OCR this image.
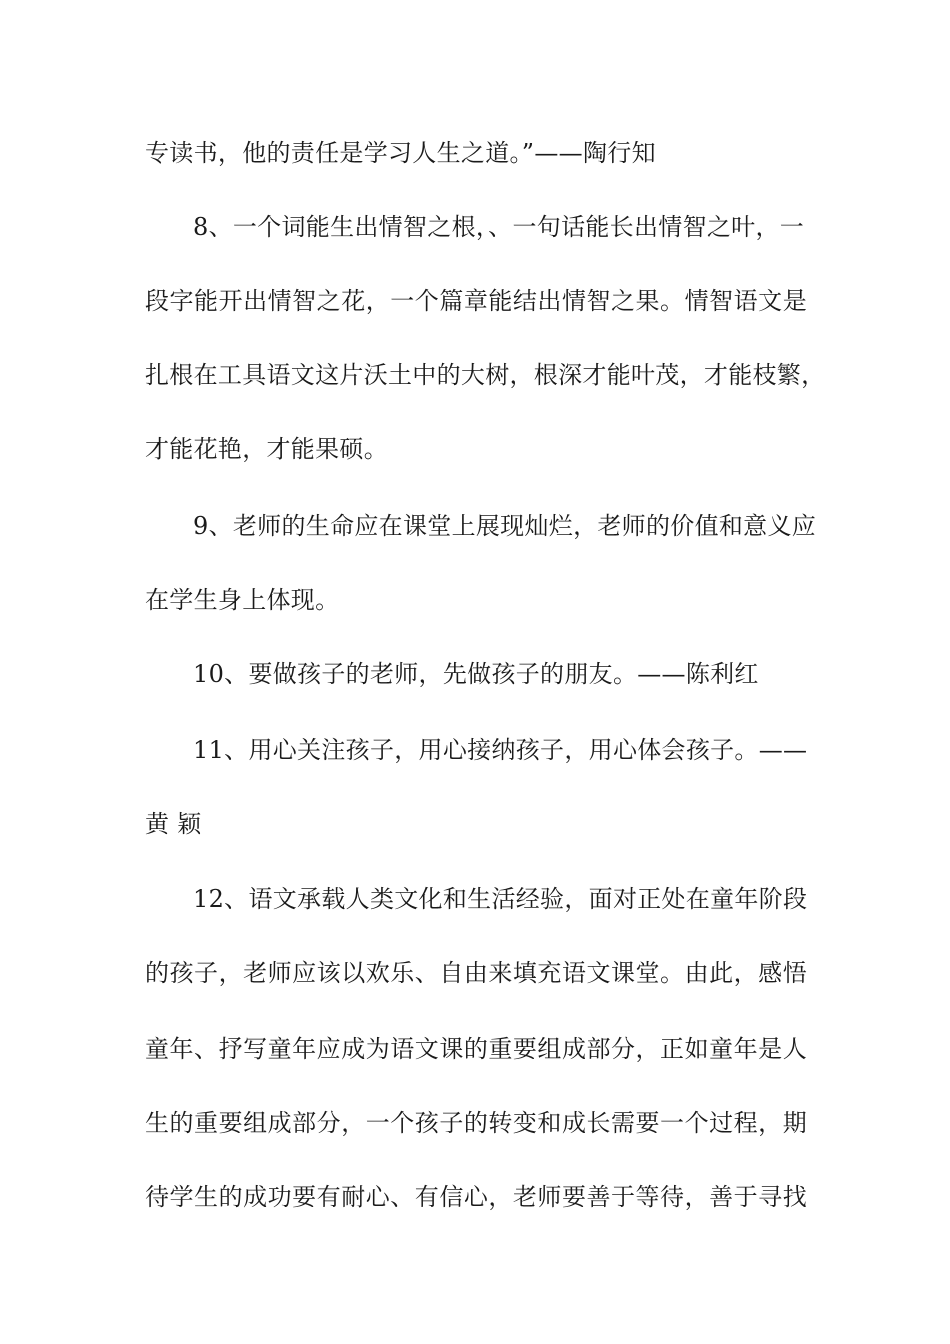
专读书，他的责任是学习人生之道。”——陶行知
8、一个词能生出情智之根，、一句话能长出情智之叶，一
段字能开出情智之花，一个篇章能结出情智之果。情智语文是
扎根在工具语文这片沃土中的大树，根深才能叶茂，才能枝繁，
才能花艳，才能果硕。
9、老师的生命应在课堂上展现灿烂，老师的价值和意义应
在学生身上体现。
10、要做孩子的老师，先做孩子的朋友。——陈利红
11、用心关注孩子，用心接纳孩子，用心体会孩子。——
黄 颖
12、语文承载人类文化和生活经验，面对正处在童年阶段
的孩子，老师应该以欢乐、自由来填充语文课堂。由此，感悟
童年、抒写童年应成为语文课的重要组成部分，正如童年是人
生的重要组成部分，一个孩子的转变和成长需要一个过程，期
待学生的成功要有耐心、有信心，老师要善于等待，善于寻找
